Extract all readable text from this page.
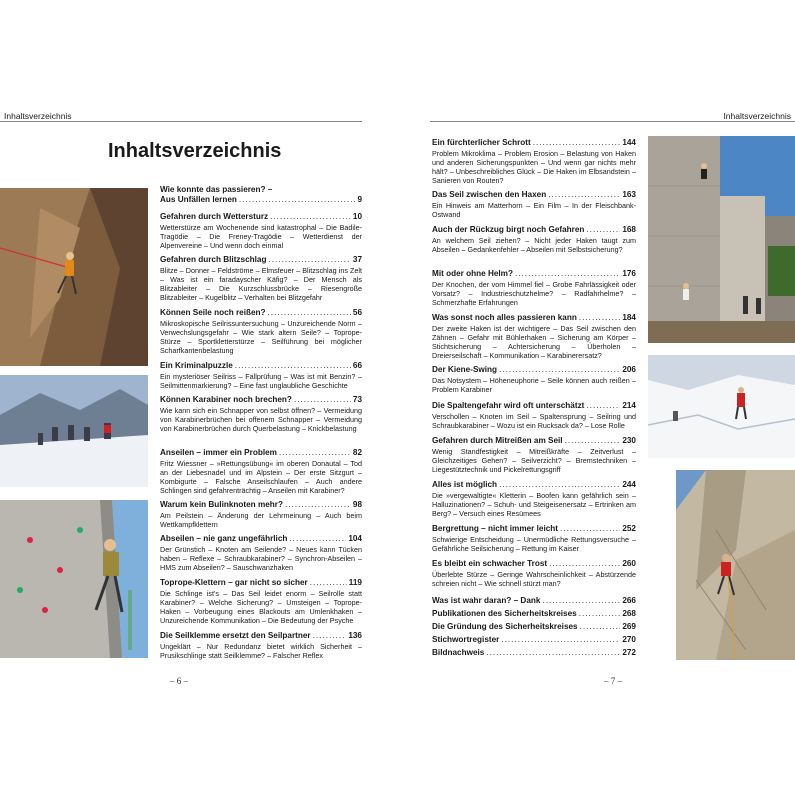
Inhaltsverzeichnis	Inhaltsverzeichnis
Inhaltsverzeichnis
Wie konnte das passieren? –
Aus Unfällen lernen .....	9
Gefahren durch Wettersturz .....	10
Wetterstürze am Wochenende sind katastrophal – Die Badile-Tragödie – Die Freney-Tragödie – Wetterdienst der Alpenvereine – Und wenn doch einmal
Gefahren durch Blitzschlag .....	37
Blitze – Donner – Feldströme – Elmsfeuer – Blitzschlag ins Zelt – Was ist ein faradayscher Käfig? – Der Mensch als Blitzableiter – Die Kurzschlussbrücke – Riesengroße Blitzableiter – Kugelblitz – Verhalten bei Blitzgefahr
Können Seile noch reißen? .....	56
Mikroskopische Seilrissuntersuchung – Unzureichende Norm – Verwechslungsgefahr – Wie stark altern Seile? – Toprope-Stürze – Sportkletterstürze – Seilführung bei möglicher Scharfkantenbelastung
Ein Kriminalpuzzle .....	66
Ein mysteriöser Seilriss – Fallprüfung – Was ist mit Benzin? – Seilmittenmarkierung? – Eine fast unglaubliche Geschichte
Können Karabiner noch brechen? .....	73
Wie kann sich ein Schnapper von selbst öffnen? – Vermeidung von Karabinerbrüchen bei offenem Schnapper – Vermeidung von Karabinerbrüchen durch Querbelastung – Knickbelastung
Anseilen – immer ein Problem .....	82
Fritz Wiessner – »Rettungsübung« im oberen Donautal – Tod an der Liebesnadel und im Alpstein – Der erste Sitzgurt – Kombigurte – Falsche Anseilschlaufen – Auch andere Schlingen sind gefahrenträchtig – Anseilen mit Karabiner?
Warum kein Bulinknoten mehr? .....	98
Am Peilstein – Änderung der Lehrmeinung – Auch beim Wettkampfklettern
Abseilen – nie ganz ungefährlich .....	104
Der Grünstich – Knoten am Seilende? – Neues kann Tücken haben – Reflexe – Schraubkarabiner? – Synchron-Abseilen – HMS zum Abseilen? – Sauschwanzhaken
Toprope-Klettern – gar nicht so sicher .....	119
Die Schlinge ist's – Das Seil leidet enorm – Seilrolle statt Karabiner? – Welche Sicherung? – Umsteigen – Toprope-Haken – Vorbeugung eines Blackouts am Umlenkhaken – Unzureichende Kommunikation – Die Bedeutung der Psyche
Die Seilklemme ersetzt den Seilpartner .....	136
Ungeklärt – Nur Redundanz bietet wirklich Sicherheit – Prusikschlinge statt Seilklemme? – Falscher Reflex
Ein fürchterlicher Schrott .....	144
Problem Mikroklima – Problem Erosion – Belastung von Haken und anderen Sicherungspunkten – Und wenn gar nichts mehr hält? – Unbeschreibliches Glück – Die Haken im Elbsandstein – Sanieren von Routen?
Das Seil zwischen den Haxen .....	163
Ein Hinweis am Matterhorn – Ein Film – In der Fleischbank-Ostwand
Auch der Rückzug birgt noch Gefahren .....	168
An welchem Seil ziehen? – Nicht jeder Haken taugt zum Abseilen – Gedankenfehler – Abseilen mit Selbstsicherung?
Mit oder ohne Helm? .....	176
Der Knochen, der vom Himmel fiel – Grobe Fahrlässigkeit oder Vorsatz? – Industrieschutzhelme? – Radfahrhelme? – Schmerzhafte Erfahrungen
Was sonst noch alles passieren kann .....	184
Der zweite Haken ist der wichtigere – Das Seil zwischen den Zähnen – Gefahr mit Bühlerhaken – Sicherung am Körper – Stichtsicherung – Achtersicherung – Überholen – Dreierseilschaft – Kommunikation – Karabinerersatz?
Der Kiene-Swing .....	206
Das Notsystem – Höheneuphorie – Seile können auch reißen – Problem Karabiner
Die Spaltengefahr wird oft unterschätzt .....	214
Verschollen – Knoten im Seil – Spaltensprung – Seilring und Schraubkarabiner – Wozu ist ein Rucksack da? – Lose Rolle
Gefahren durch Mitreißen am Seil .....	230
Wenig Standfestigkeit – Mitreißkräfte – Zeitverlust – Gleichzeitiges Gehen? – Seilverzicht? – Bremstechniken – Liegestütztechnik und Pickelrettungsgriff
Alles ist möglich .....	244
Die »vergewaltigte« Kletterin – Boofen kann gefährlich sein – Halluzinationen? – Schuh- und Steigeisenersatz – Ertrinken am Berg? – Versuch eines Resümees
Bergrettung – nicht immer leicht .....	252
Schwierige Entscheidung – Unermüdliche Rettungsversuche – Gefährliche Seilsicherung – Rettung im Kaiser
Es bleibt ein schwacher Trost .....	260
Überlebte Stürze – Geringe Wahrscheinlichkeit – Abstürzende schreien nicht – Wie schnell stürzt man?
Was ist wahr daran? – Dank .....	266
Publikationen des Sicherheitskreises .....	268
Die Gründung des Sicherheitskreises .....	269
Stichwortregister .....	270
Bildnachweis .....	272
– 6 –	– 7 –
